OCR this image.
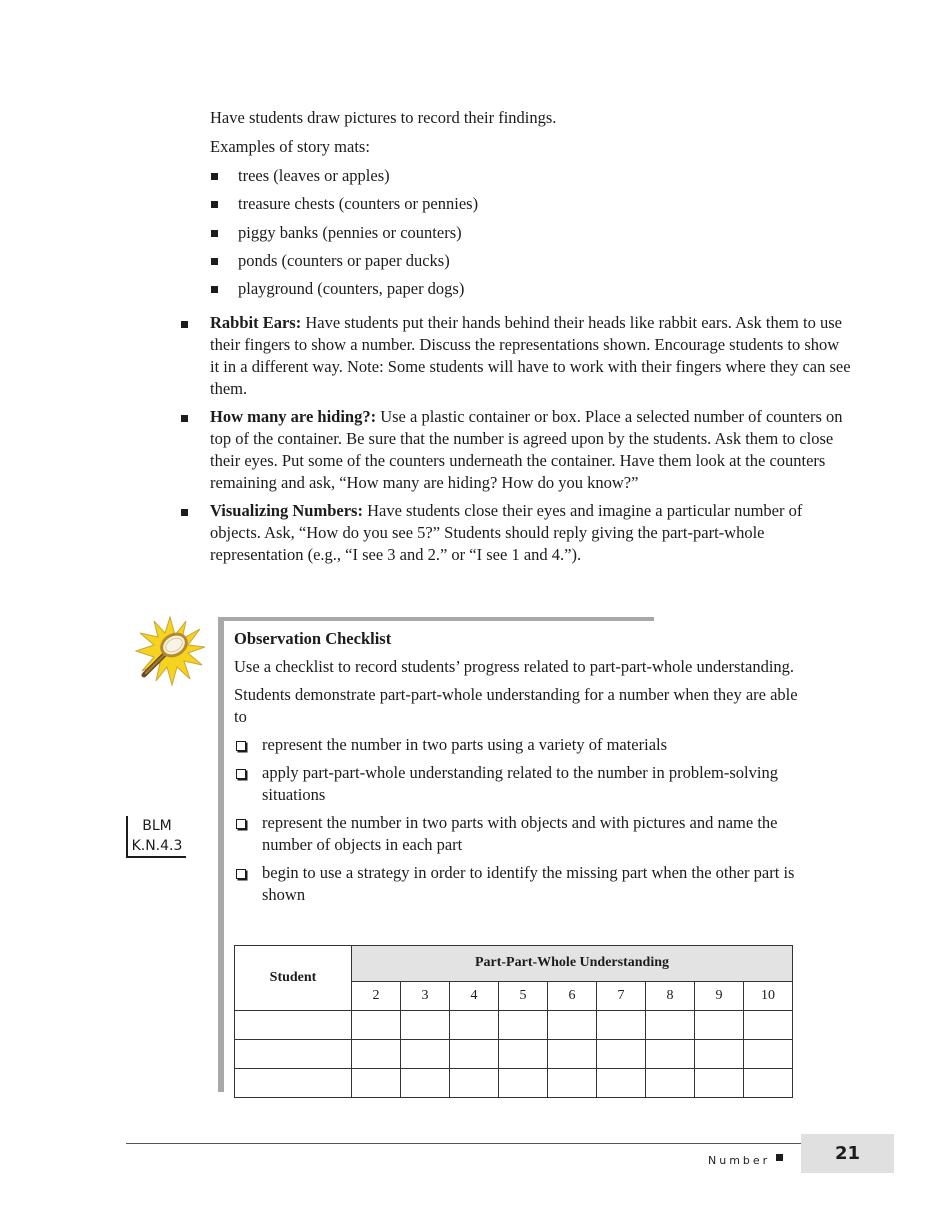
Have students draw pictures to record their findings.

Examples of story mats:

trees (leaves or apples)
treasure chests (counters or pennies)
piggy banks (pennies or counters)
ponds (counters or paper ducks)
playground (counters, paper dogs)
Rabbit Ears: Have students put their hands behind their heads like rabbit ears. Ask them to use their fingers to show a number. Discuss the representations shown. Encourage students to show it in a different way. Note: Some students will have to work with their fingers where they can see them.
How many are hiding?: Use a plastic container or box. Place a selected number of counters on top of the container. Be sure that the number is agreed upon by the students. Ask them to close their eyes. Put some of the counters underneath the container. Have them look at the counters remaining and ask, “How many are hiding? How do you know?”
Visualizing Numbers: Have students close their eyes and imagine a particular number of objects. Ask, “How do you see 5?” Students should reply giving the part-part-whole representation (e.g., “I see 3 and 2.” or “I see 1 and 4.”).
BLM
K.N.4.3

Observation Checklist

Use a checklist to record students’ progress related to part-part-whole understanding.

Students demonstrate part-part-whole understanding for a number when they are able to

represent the number in two parts using a variety of materials
apply part-part-whole understanding related to the number in problem-solving situations
represent the number in two parts with objects and with pictures and name the number of objects in each part
begin to use a strategy in order to identify the missing part when the other part is shown
Student	Part-Part-Whole Understanding								
	2	3	4	5	6	7	8	9	10

Number	21
